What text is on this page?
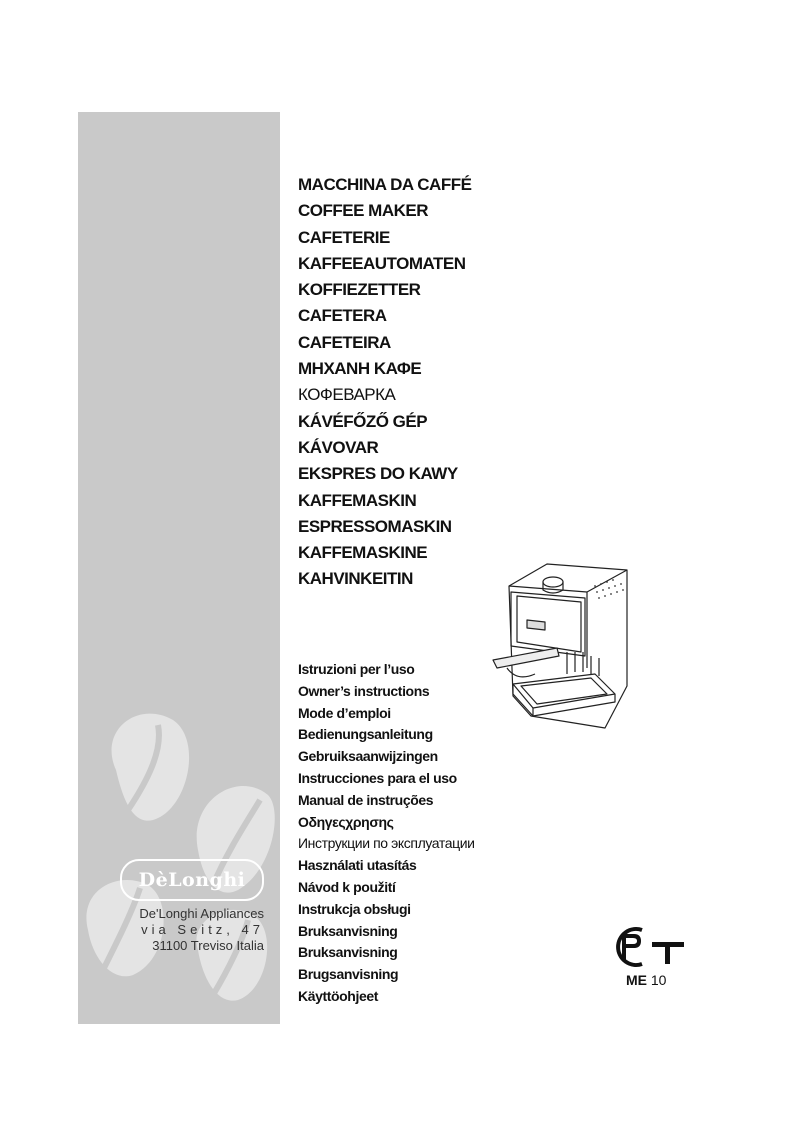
DèLonghi
De'Longhi Appliances
via Seitz, 47
31100 Treviso Italia
MACCHINA DA CAFFÉ
COFFEE MAKER
CAFETERIE
KAFFEEAUTOMATEN
KOFFIEZETTER
CAFETERA
CAFETEIRA
ΜΗΧΑΝΗ ΚΑΦΕ
КОФЕВАРКА
KÁVÉFŐZŐ GÉP
KÁVOVAR
EKSPRES DO KAWY
KAFFEMASKIN
ESPRESSOMASKIN
KAFFEMASKINE
KAHVINKEITIN
Istruzioni per l’uso
Owner’s instructions
Mode d’emploi
Bedienungsanleitung
Gebruiksaanwijzingen
Instrucciones para el uso
Manual de instruções
Οδηγεςχρησης
Инструкции по эксплуатации
Használati utasítás
Návod k použití
Instrukcja obsługi
Bruksanvisning
Bruksanvisning
Brugsanvisning
Käyttöohjeet
ME 10
